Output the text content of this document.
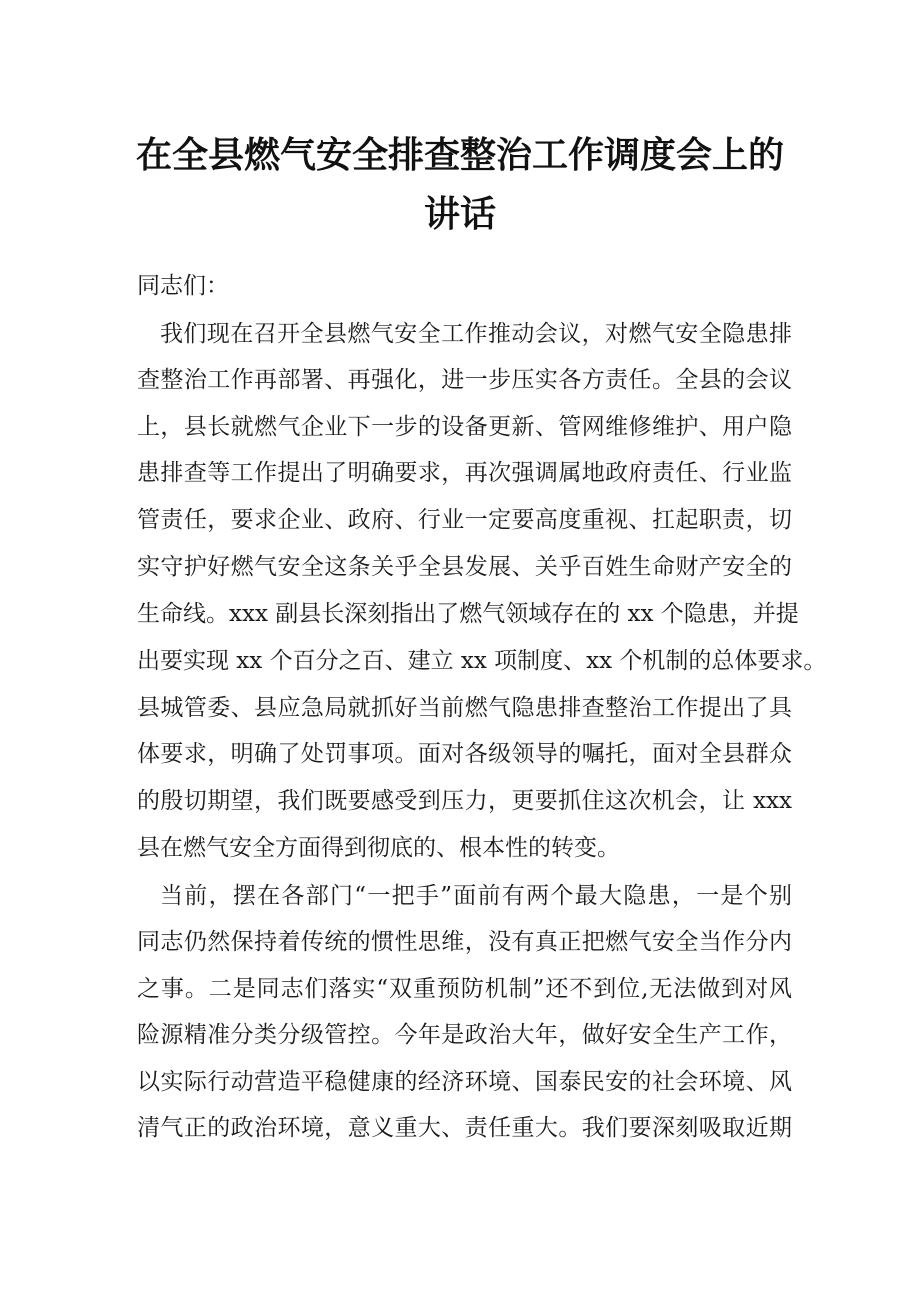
在全县燃气安全排查整治工作调度会上的
讲话
同志们：
我们现在召开全县燃气安全工作推动会议，对燃气安全隐患排
查整治工作再部署、再强化，进一步压实各方责任。全县的会议
上，县长就燃气企业下一步的设备更新、管网维修维护、用户隐
患排查等工作提出了明确要求，再次强调属地政府责任、行业监
管责任，要求企业、政府、行业一定要高度重视、扛起职责，切
实守护好燃气安全这条关乎全县发展、关乎百姓生命财产安全的
生命线。xxx 副县长深刻指出了燃气领域存在的 xx 个隐患，并提
出要实现 xx 个百分之百、建立 xx 项制度、xx 个机制的总体要求。
县城管委、县应急局就抓好当前燃气隐患排查整治工作提出了具
体要求，明确了处罚事项。面对各级领导的嘱托，面对全县群众
的殷切期望，我们既要感受到压力，更要抓住这次机会，让 xxx
县在燃气安全方面得到彻底的、根本性的转变。
当前，摆在各部门“一把手”面前有两个最大隐患，一是个别
同志仍然保持着传统的惯性思维，没有真正把燃气安全当作分内
之事。二是同志们落实“双重预防机制”还不到位,无法做到对风
险源精准分类分级管控。今年是政治大年，做好安全生产工作，
以实际行动营造平稳健康的经济环境、国泰民安的社会环境、风
清气正的政治环境，意义重大、责任重大。我们要深刻吸取近期
